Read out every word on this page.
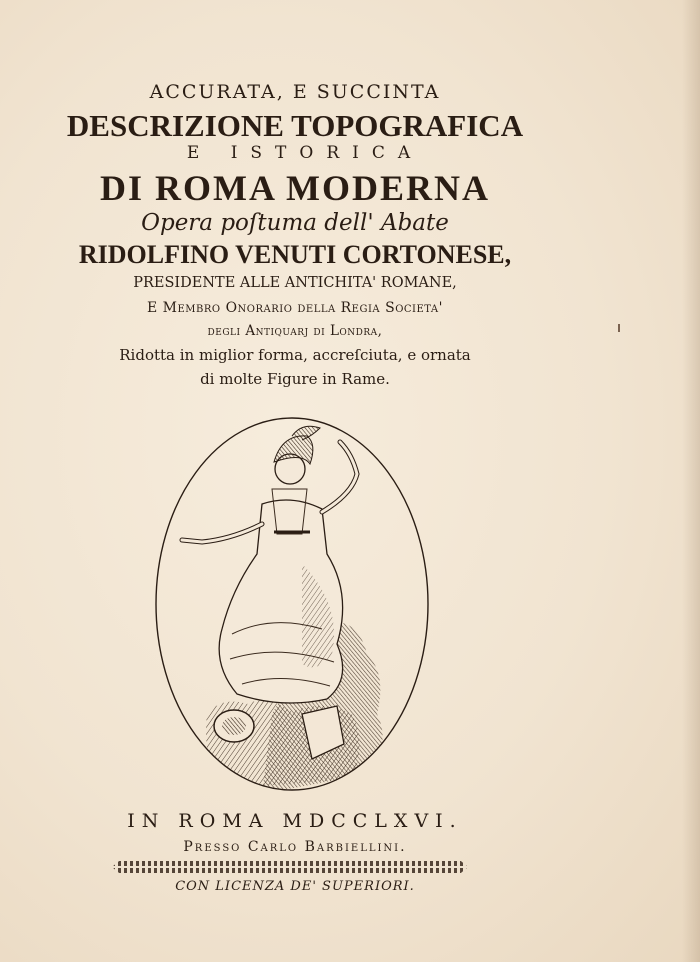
ACCURATA, E SUCCINTA
DESCRIZIONE TOPOGRAFICA
E ISTORICA
DI ROMA MODERNA
Opera poſtuma dell' Abate
RIDOLFINO VENUTI CORTONESE,
PRESIDENTE ALLE ANTICHITA' ROMANE,
E Membro Onorario della Regia Societa'
degli Antiquarj di Londra,
Ridotta in miglior forma, accreſciuta, e ornata
di molte Figure in Rame.
IN ROMA MDCCLXVI.
Presso Carlo Barbiellini.
CON LICENZA DE' SUPERIORI.
